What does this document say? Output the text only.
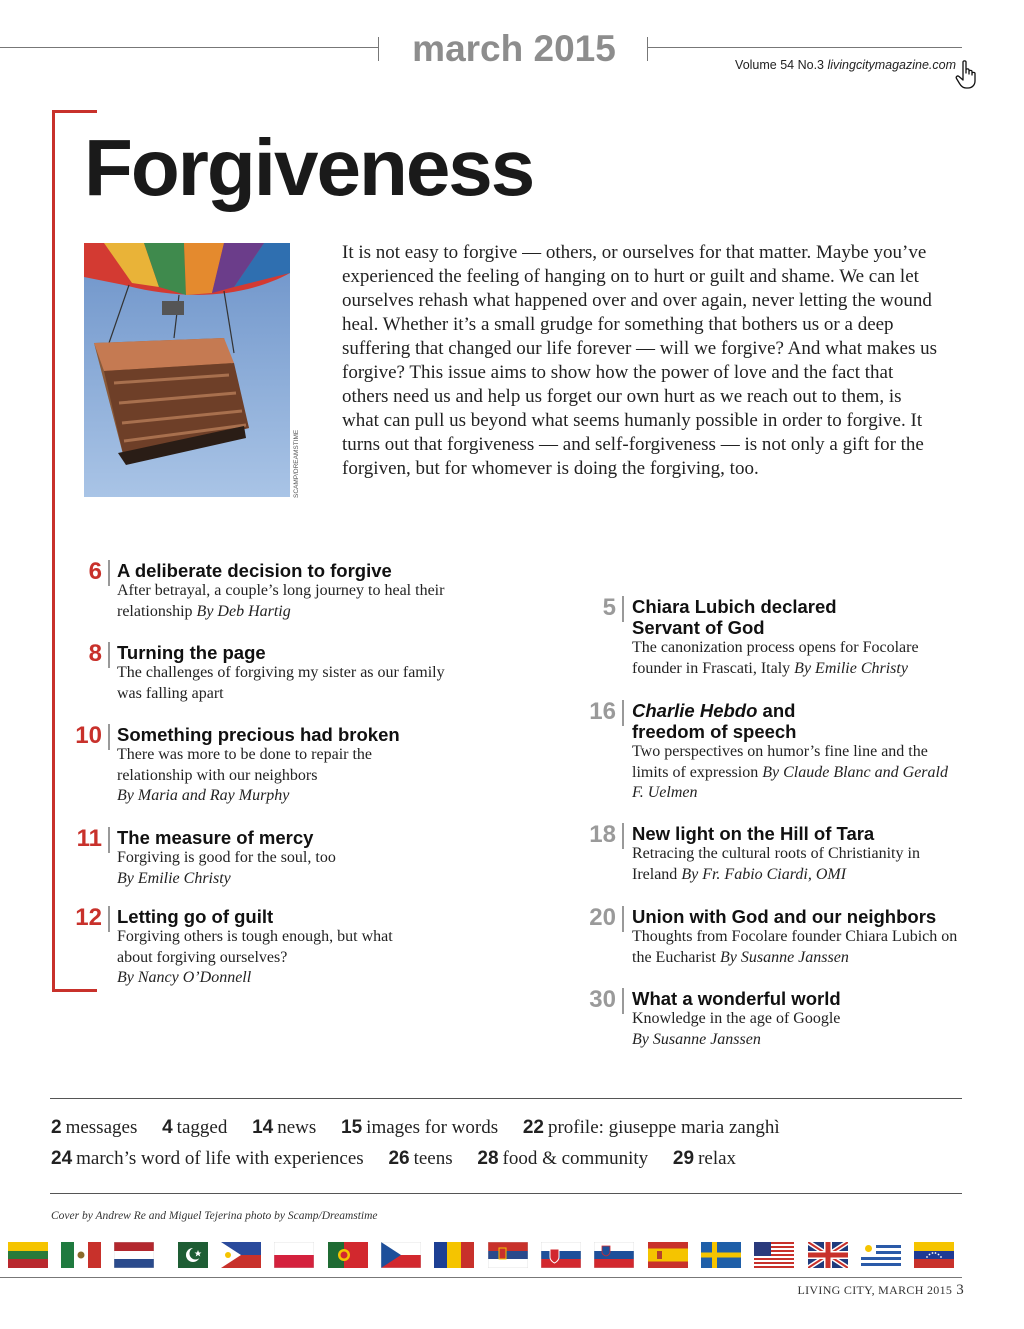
march 2015	Volume 54 No.3 livingcitymagazine.com
Forgiveness
SCAMP/DREAMSTIME
It is not easy to forgive — others, or ourselves for that matter. Maybe you’ve experienced the feeling of hanging on to hurt or guilt and shame. We can let ourselves rehash what happened over and over again, never letting the wound heal. Whether it’s a small grudge for something that bothers us or a deep suffering that changed our life forever — will we forgive? And what makes us forgive? This issue aims to show how the power of love and the fact that others need us and help us forget our own hurt as we reach out to them, is what can pull us beyond what seems humanly possible in order to forgive. It turns out that forgiveness — and self-forgiveness — is not only a gift for the forgiven, but for whomever is doing the forgiving, too.
6 A deliberate decision to forgive
After betrayal, a couple’s long journey to heal their relationship By Deb Hartig
8 Turning the page
The challenges of forgiving my sister as our family was falling apart
10 Something precious had broken
There was more to be done to repair the relationship with our neighbors
By Maria and Ray Murphy
11 The measure of mercy
Forgiving is good for the soul, too
By Emilie Christy
12 Letting go of guilt
Forgiving others is tough enough, but what about forgiving ourselves?
By Nancy O’Donnell
5 Chiara Lubich declared Servant of God
The canonization process opens for Focolare founder in Frascati, Italy By Emilie Christy
16 Charlie Hebdo and freedom of speech
Two perspectives on humor’s fine line and the limits of expression By Claude Blanc and Gerald F. Uelmen
18 New light on the Hill of Tara
Retracing the cultural roots of Christianity in Ireland By Fr. Fabio Ciardi, OMI
20 Union with God and our neighbors
Thoughts from Focolare founder Chiara Lubich on the Eucharist By Susanne Janssen
30 What a wonderful world
Knowledge in the age of Google
By Susanne Janssen
2 messages 4 tagged 14 news 15 images for words 22 profile: giuseppe maria zanghì
24 march’s word of life with experiences 26 teens 28 food & community 29 relax
Cover by Andrew Re and Miguel Tejerina photo by Scamp/Dreamstime
LIVING CITY, MARCH 2015 3
